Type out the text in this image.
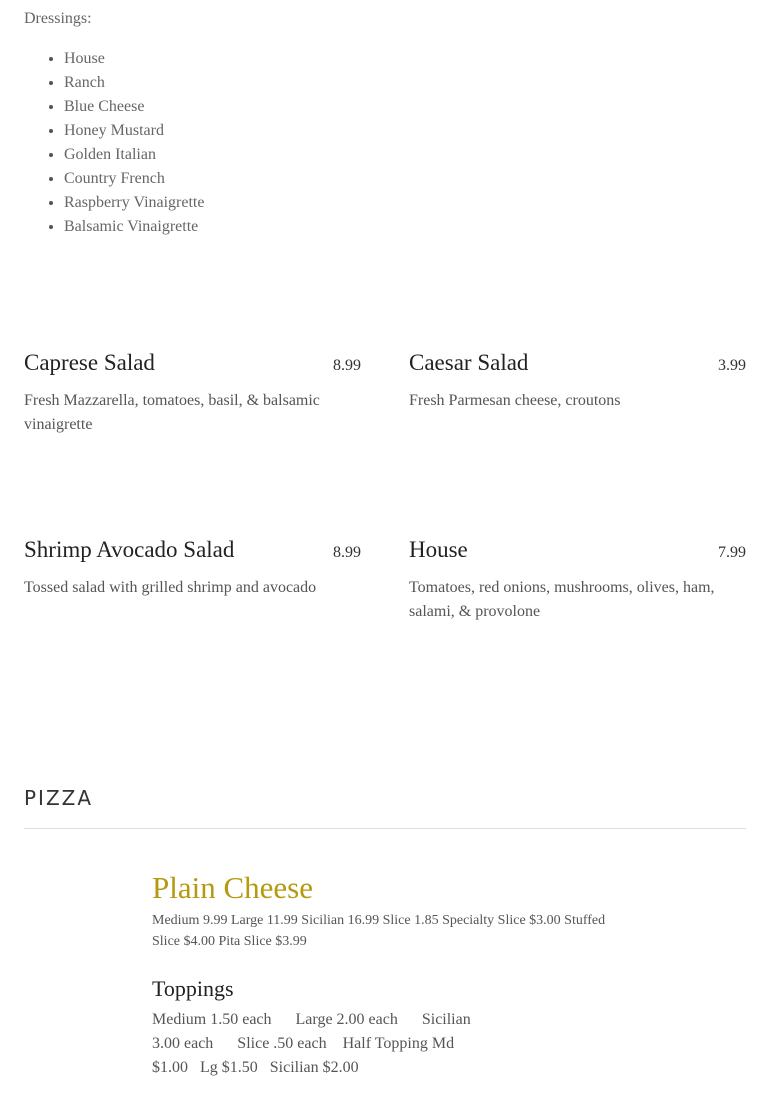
Dressings:

• House
• Ranch
• Blue Cheese
• Honey Mustard
• Golden Italian
• Country French
• Raspberry Vinaigrette
• Balsamic Vinaigrette
Caprese Salad	8.99
Fresh Mazzarella, tomatoes, basil, & balsamic vinaigrette
Caesar Salad	3.99
Fresh Parmesan cheese, croutons
Shrimp Avocado Salad	8.99
Tossed salad with grilled shrimp and avocado
House	7.99
Tomatoes, red onions, mushrooms, olives, ham, salami, & provolone
PIZZA
Plain Cheese
Medium 9.99 Large 11.99 Sicilian 16.99 Slice 1.85 Specialty Slice $3.00 Stuffed Slice $4.00 Pita Slice $3.99
Toppings
Medium 1.50 each      Large 2.00 each      Sicilian 3.00 each      Slice .50 each    Half Topping Md $1.00   Lg $1.50   Sicilian $2.00
